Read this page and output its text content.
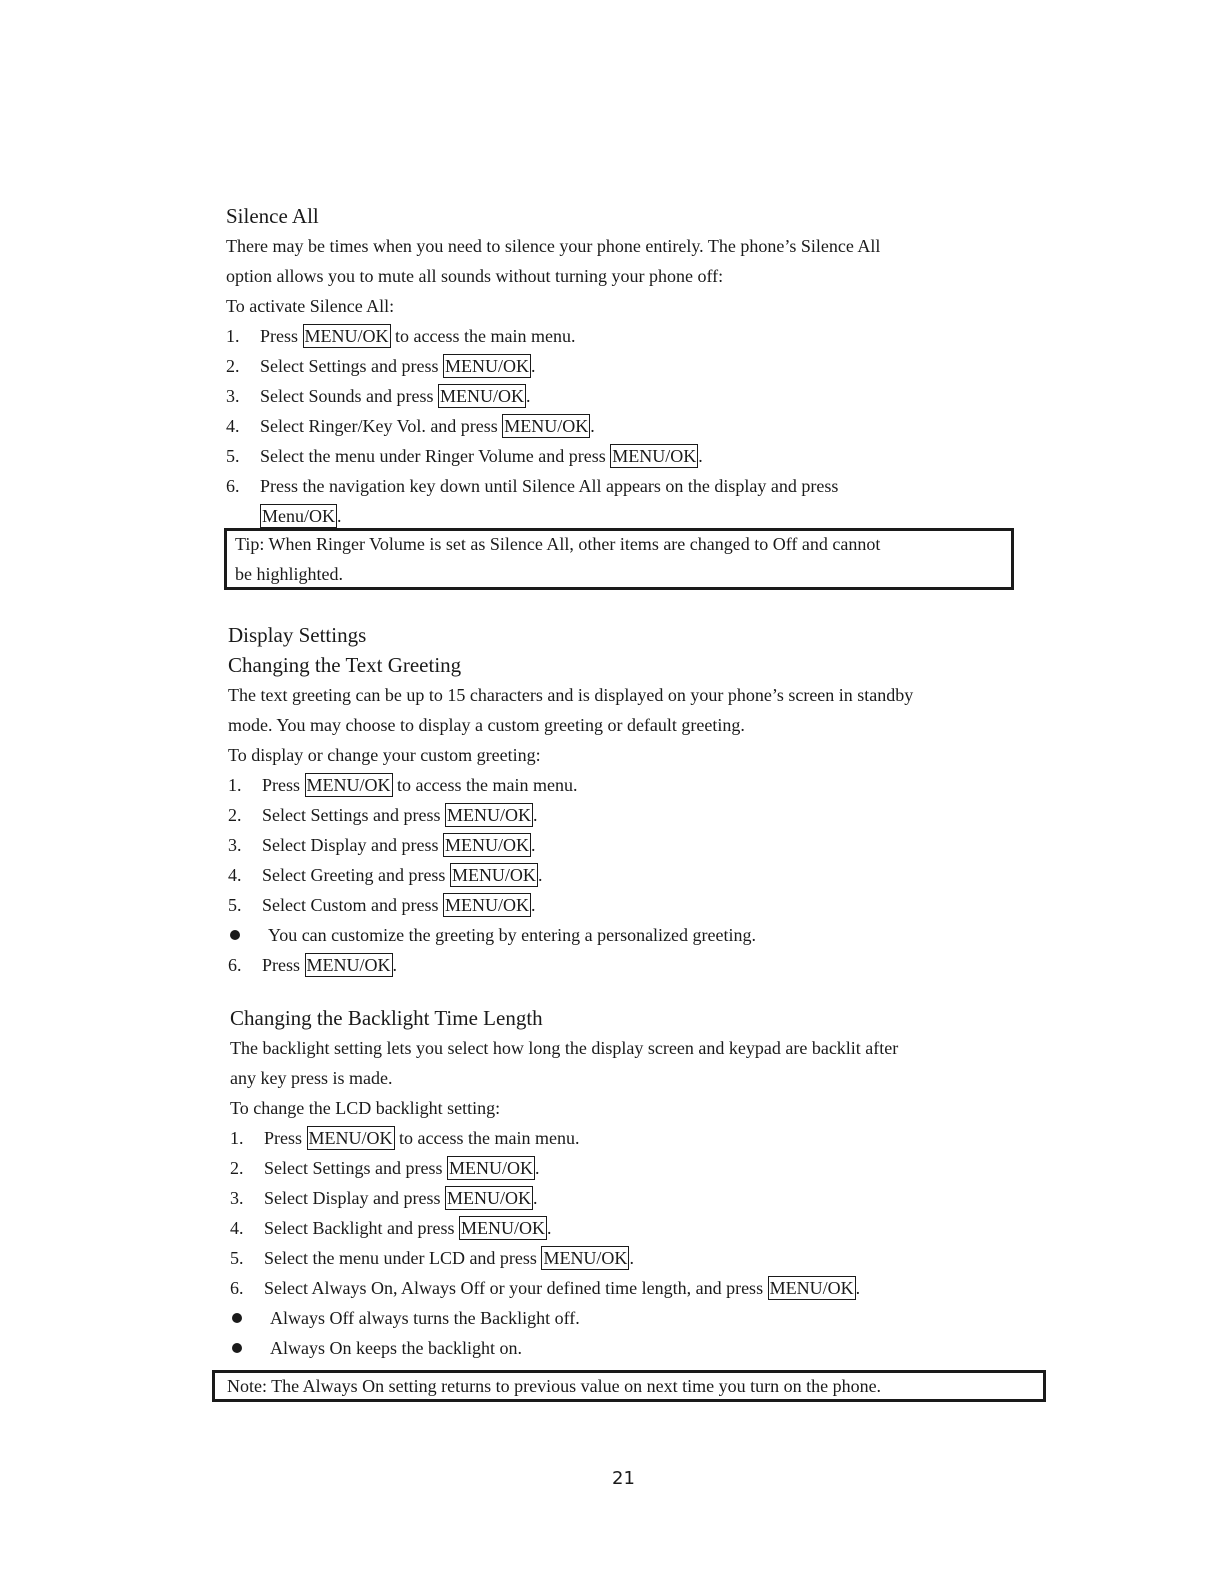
Silence All
There may be times when you need to silence your phone entirely. The phone’s Silence All
option allows you to mute all sounds without turning your phone off:
To activate Silence All:
1. Press MENU/OK to access the main menu.
2. Select Settings and press MENU/OK .
3. Select Sounds and press MENU/OK .
4. Select Ringer/Key Vol. and press MENU/OK .
5. Select the menu under Ringer Volume and press MENU/OK .
6. Press the navigation key down until Silence All appears on the display and press
Menu/OK .
Tip: When Ringer Volume is set as Silence All, other items are changed to Off and cannot
be highlighted.
Display Settings
Changing the Text Greeting
The text greeting can be up to 15 characters and is displayed on your phone’s screen in standby
mode. You may choose to display a custom greeting or default greeting.
To display or change your custom greeting:
1. Press MENU/OK to access the main menu.
2. Select Settings and press MENU/OK .
3. Select Display and press MENU/OK .
4. Select Greeting and press MENU/OK .
5. Select Custom and press MENU/OK .
You can customize the greeting by entering a personalized greeting.
6. Press MENU/OK .
Changing the Backlight Time Length
The backlight setting lets you select how long the display screen and keypad are backlit after
any key press is made.
To change the LCD backlight setting:
1. Press MENU/OK to access the main menu.
2. Select Settings and press MENU/OK .
3. Select Display and press MENU/OK .
4. Select Backlight and press MENU/OK .
5. Select the menu under LCD and press MENU/OK .
6. Select Always On, Always Off or your defined time length, and press MENU/OK .
Always Off always turns the Backlight off.
Always On keeps the backlight on.
Note: The Always On setting returns to previous value on next time you turn on the phone.
21
